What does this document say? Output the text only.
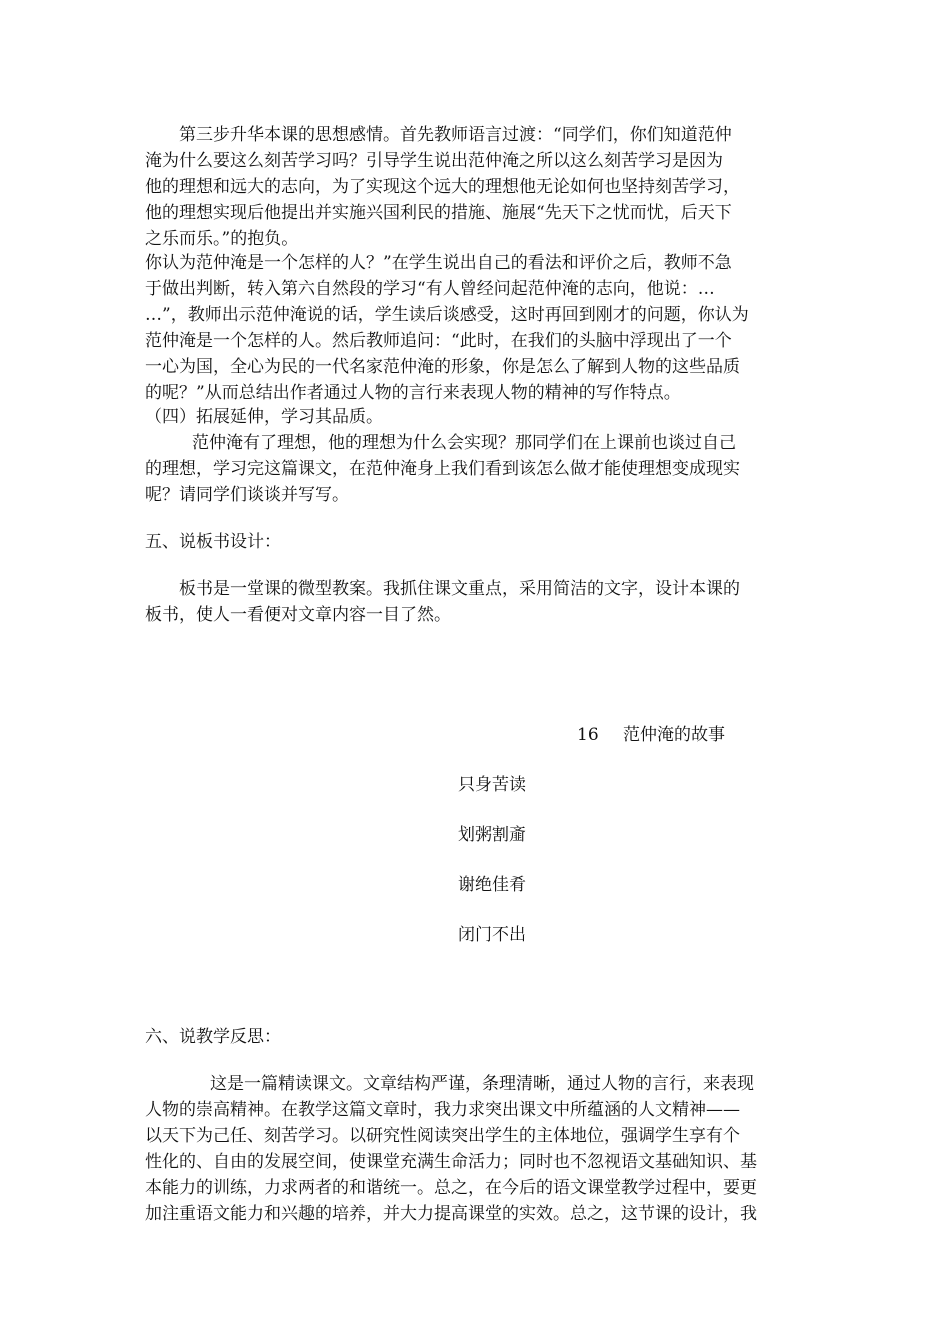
第三步升华本课的思想感情。首先教师语言过渡：“同学们，你们知道范仲
淹为什么要这么刻苦学习吗？引导学生说出范仲淹之所以这么刻苦学习是因为
他的理想和远大的志向，为了实现这个远大的理想他无论如何也坚持刻苦学习，
他的理想实现后他提出并实施兴国利民的措施、施展“先天下之忧而忧，后天下
之乐而乐。”的抱负。
你认为范仲淹是一个怎样的人？”在学生说出自己的看法和评价之后，教师不急
于做出判断，转入第六自然段的学习“有人曾经问起范仲淹的志向，他说：…
…”，教师出示范仲淹说的话，学生读后谈感受，这时再回到刚才的问题，你认为
范仲淹是一个怎样的人。然后教师追问：“此时，在我们的头脑中浮现出了一个
一心为国，全心为民的一代名家范仲淹的形象，你是怎么了解到人物的这些品质
的呢？”从而总结出作者通过人物的言行来表现人物的精神的写作特点。
（四）拓展延伸，学习其品质。
范仲淹有了理想，他的理想为什么会实现？那同学们在上课前也谈过自己
的理想，学习完这篇课文，在范仲淹身上我们看到该怎么做才能使理想变成现实
呢？请同学们谈谈并写写。
五、说板书设计：
板书是一堂课的微型教案。我抓住课文重点，采用简洁的文字，设计本课的
板书，使人一看便对文章内容一目了然。
16 范仲淹的故事
只身苦读
划粥割齑
谢绝佳肴
闭门不出
六、说教学反思：
这是一篇精读课文。文章结构严谨，条理清晰，通过人物的言行，来表现
人物的崇高精神。在教学这篇文章时，我力求突出课文中所蕴涵的人文精神——
以天下为己任、刻苦学习。以研究性阅读突出学生的主体地位，强调学生享有个
性化的、自由的发展空间，使课堂充满生命活力；同时也不忽视语文基础知识、基
本能力的训练，力求两者的和谐统一。总之，在今后的语文课堂教学过程中，要更
加注重语文能力和兴趣的培养，并大力提高课堂的实效。总之，这节课的设计，我
